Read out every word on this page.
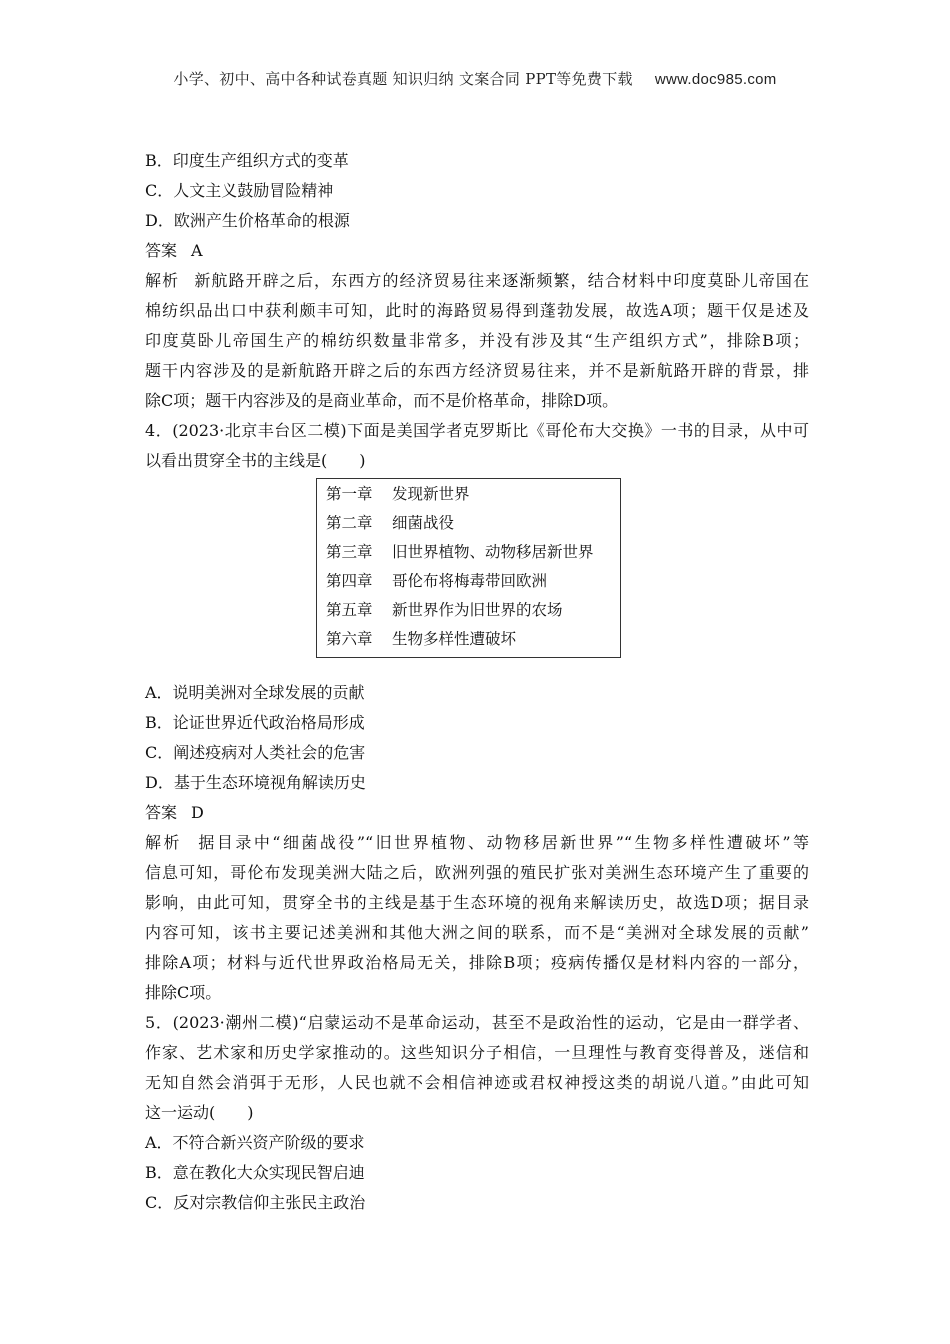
小学、初中、高中各种试卷真题 知识归纳 文案合同 PPT等免费下载 www.doc985.com
B．印度生产组织方式的变革
C．人文主义鼓励冒险精神
D．欧洲产生价格革命的根源
答案 A
解析 新航路开辟之后，东西方的经济贸易往来逐渐频繁，结合材料中印度莫卧儿帝国在
棉纺织品出口中获利颇丰可知，此时的海路贸易得到蓬勃发展，故选A项；题干仅是述及
印度莫卧儿帝国生产的棉纺织数量非常多，并没有涉及其“生产组织方式”，排除B项；
题干内容涉及的是新航路开辟之后的东西方经济贸易往来，并不是新航路开辟的背景，排
除C项；题干内容涉及的是商业革命，而不是价格革命，排除D项。
4．(2023·北京丰台区二模)下面是美国学者克罗斯比《哥伦布大交换》一书的目录，从中可
以看出贯穿全书的主线是(　　)
第一章 发现新世界
第二章 细菌战役
第三章 旧世界植物、动物移居新世界
第四章 哥伦布将梅毒带回欧洲
第五章 新世界作为旧世界的农场
第六章 生物多样性遭破坏
A．说明美洲对全球发展的贡献
B．论证世界近代政治格局形成
C．阐述疫病对人类社会的危害
D．基于生态环境视角解读历史
答案 D
解析 据目录中“细菌战役”“旧世界植物、动物移居新世界”“生物多样性遭破坏”等
信息可知，哥伦布发现美洲大陆之后，欧洲列强的殖民扩张对美洲生态环境产生了重要的
影响，由此可知，贯穿全书的主线是基于生态环境的视角来解读历史，故选D项；据目录
内容可知，该书主要记述美洲和其他大洲之间的联系，而不是“美洲对全球发展的贡献”
排除A项；材料与近代世界政治格局无关，排除B项；疫病传播仅是材料内容的一部分，
排除C项。
5．(2023·潮州二模)“启蒙运动不是革命运动，甚至不是政治性的运动，它是由一群学者、
作家、艺术家和历史学家推动的。这些知识分子相信，一旦理性与教育变得普及，迷信和
无知自然会消弭于无形，人民也就不会相信神迹或君权神授这类的胡说八道。”由此可知
这一运动(　　)
A．不符合新兴资产阶级的要求
B．意在教化大众实现民智启迪
C．反对宗教信仰主张民主政治
